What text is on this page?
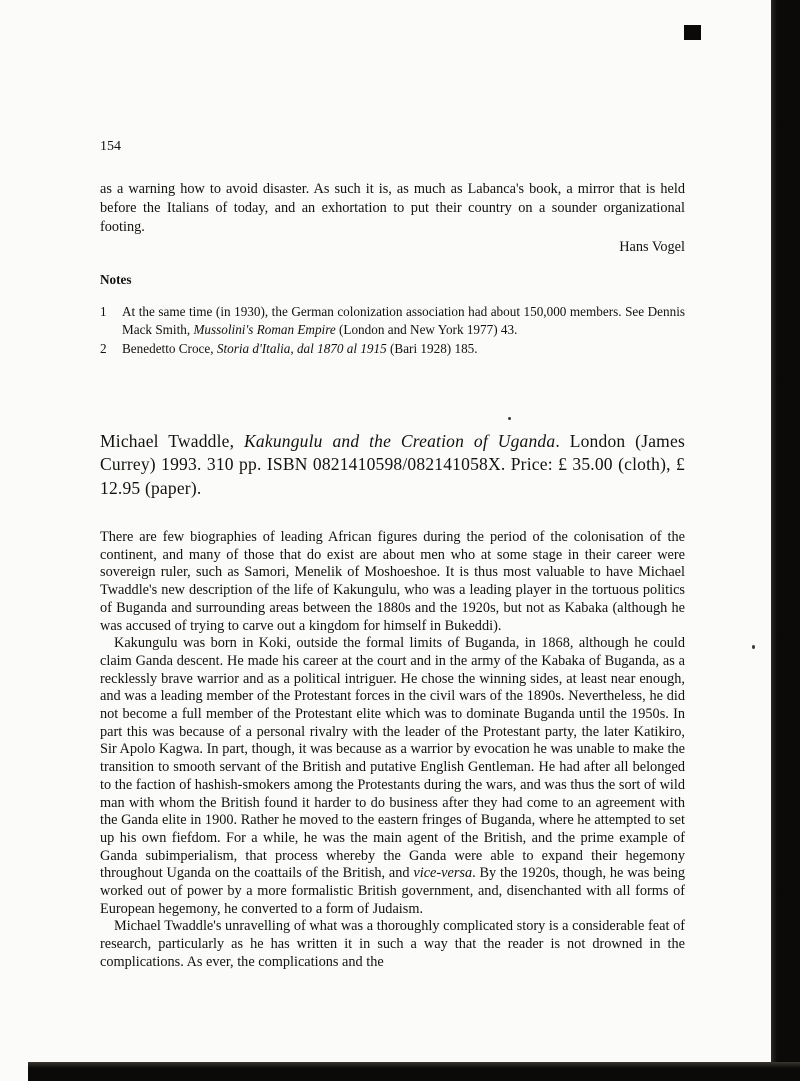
154
as a warning how to avoid disaster. As such it is, as much as Labanca's book, a mirror that is held before the Italians of today, and an exhortation to put their country on a sounder organizational footing.
Hans Vogel
Notes
1	At the same time (in 1930), the German colonization association had about 150,000 members. See Dennis Mack Smith, Mussolini's Roman Empire (London and New York 1977) 43.
2	Benedetto Croce, Storia d'Italia, dal 1870 al 1915 (Bari 1928) 185.
Michael Twaddle, Kakungulu and the Creation of Uganda. London (James Currey) 1993. 310 pp. ISBN 0821410598/082141058X. Price: £ 35.00 (cloth), £ 12.95 (paper).

There are few biographies of leading African figures during the period of the colonisation of the continent, and many of those that do exist are about men who at some stage in their career were sovereign ruler, such as Samori, Menelik of Moshoeshoe. It is thus most valuable to have Michael Twaddle's new description of the life of Kakungulu, who was a leading player in the tortuous politics of Buganda and surrounding areas between the 1880s and the 1920s, but not as Kabaka (although he was accused of trying to carve out a kingdom for himself in Bukeddi).

Kakungulu was born in Koki, outside the formal limits of Buganda, in 1868, although he could claim Ganda descent. He made his career at the court and in the army of the Kabaka of Buganda, as a recklessly brave warrior and as a political intriguer. He chose the winning sides, at least near enough, and was a leading member of the Protestant forces in the civil wars of the 1890s. Nevertheless, he did not become a full member of the Protestant elite which was to dominate Buganda until the 1950s. In part this was because of a personal rivalry with the leader of the Protestant party, the later Katikiro, Sir Apolo Kagwa. In part, though, it was because as a warrior by evocation he was unable to make the transition to smooth servant of the British and putative English Gentleman. He had after all belonged to the faction of hashish-smokers among the Protestants during the wars, and was thus the sort of wild man with whom the British found it harder to do business after they had come to an agreement with the Ganda elite in 1900. Rather he moved to the eastern fringes of Buganda, where he attempted to set up his own fiefdom. For a while, he was the main agent of the British, and the prime example of Ganda subimperialism, that process whereby the Ganda were able to expand their hegemony throughout Uganda on the coattails of the British, and vice-versa. By the 1920s, though, he was being worked out of power by a more formalistic British government, and, disenchanted with all forms of European hegemony, he converted to a form of Judaism.

Michael Twaddle's unravelling of what was a thoroughly complicated story is a considerable feat of research, particularly as he has written it in such a way that the reader is not drowned in the complications. As ever, the complications and the
